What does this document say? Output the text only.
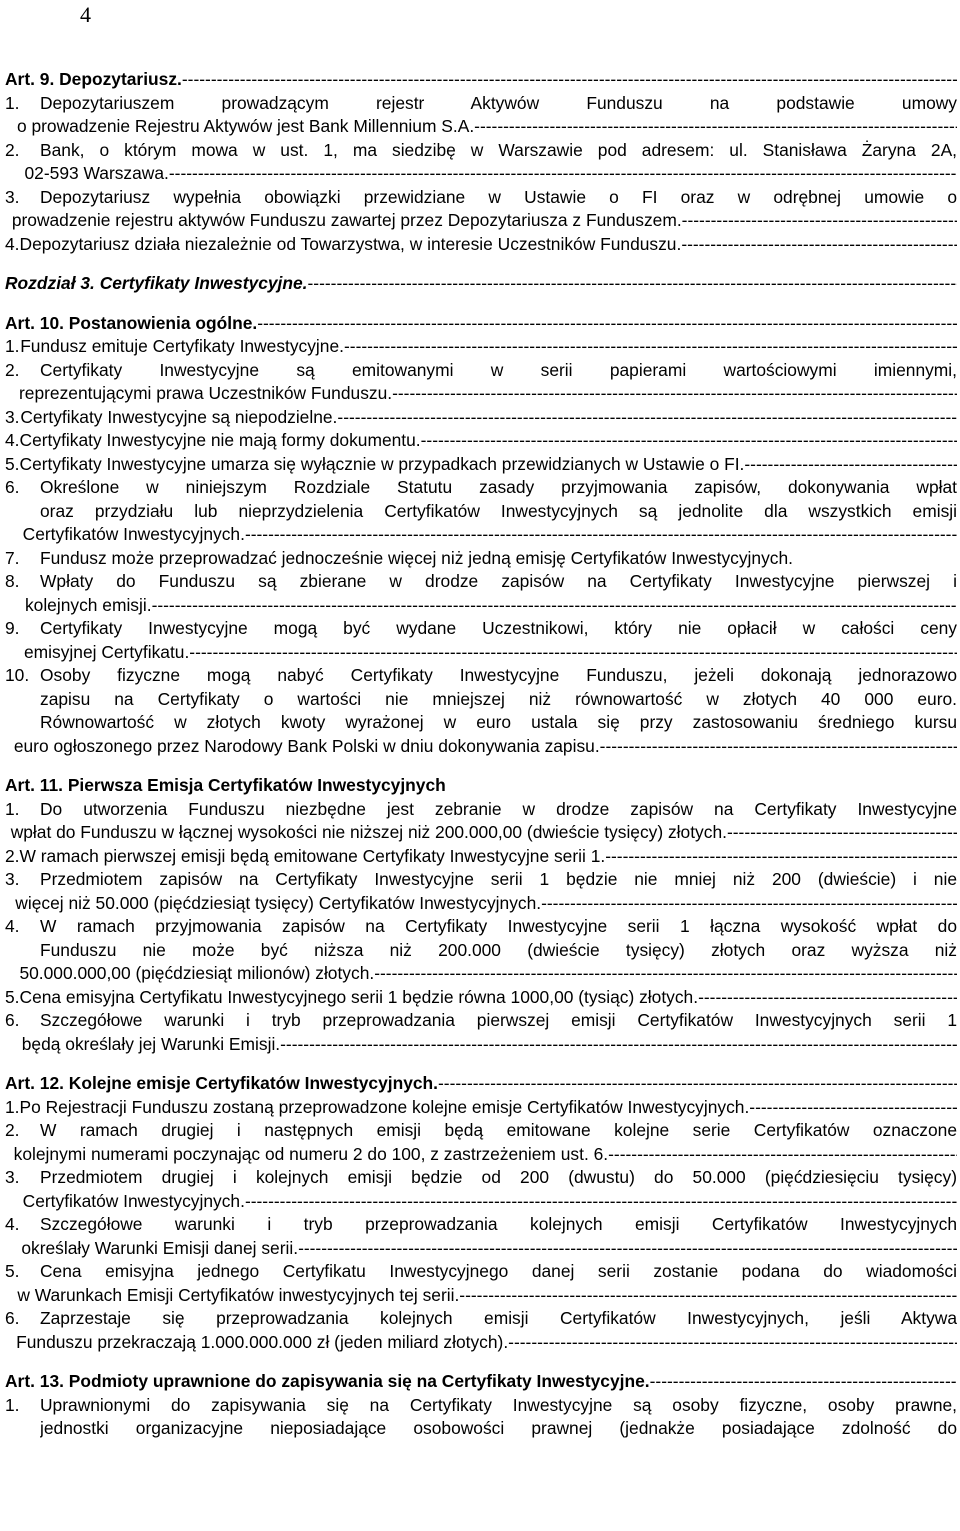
4
Art. 9. Depozytariusz.
-----
1.	Depozytariuszem prowadzącym rejestr Aktywów Funduszu na podstawie umowy
o prowadzenie Rejestru Aktywów jest Bank Millennium S.A.
-----
2.	Bank, o którym mowa w ust. 1, ma siedzibę w Warszawie pod adresem: ul. Stanisława Żaryna 2A,
02-593 Warszawa.
-----
3.	Depozytariusz wypełnia obowiązki przewidziane w Ustawie o FI oraz w odrębnej umowie o
prowadzenie rejestru aktywów Funduszu zawartej przez Depozytariusza z Funduszem.
-----
4. Depozytariusz działa niezależnie od Towarzystwa, w interesie Uczestników Funduszu.
-----
Rozdział 3. Certyfikaty Inwestycyjne.
-----
Art. 10. Postanowienia ogólne.
-----
1. Fundusz emituje Certyfikaty Inwestycyjne.
-----
2.	Certyfikaty Inwestycyjne są emitowanymi w serii papierami wartościowymi imiennymi,
reprezentującymi prawa Uczestników Funduszu.
-----
3. Certyfikaty Inwestycyjne są niepodzielne.
-----
4. Certyfikaty Inwestycyjne nie mają formy dokumentu.
-----
5. Certyfikaty Inwestycyjne umarza się wyłącznie w przypadkach przewidzianych w Ustawie o FI.
-----
6.	Określone w niniejszym Rozdziale Statutu zasady przyjmowania zapisów, dokonywania wpłat
oraz przydziału lub nieprzydzielenia Certyfikatów Inwestycyjnych są jednolite dla wszystkich emisji
Certyfikatów Inwestycyjnych.
-----
7.	Fundusz może przeprowadzać jednocześnie więcej niż jedną emisję Certyfikatów Inwestycyjnych.
8.	Wpłaty do Funduszu są zbierane w drodze zapisów na Certyfikaty Inwestycyjne pierwszej i
kolejnych emisji.
-----
9.	Certyfikaty Inwestycyjne mogą być wydane Uczestnikowi, który nie opłacił w całości ceny
emisyjnej Certyfikatu.
-----
10. Osoby fizyczne mogą nabyć Certyfikaty Inwestycyjne Funduszu, jeżeli dokonają jednorazowo
zapisu na Certyfikaty o wartości nie mniejszej niż równowartość w złotych 40 000 euro.
Równowartość w złotych kwoty wyrażonej w euro ustala się przy zastosowaniu średniego kursu
euro ogłoszonego przez Narodowy Bank Polski w dniu dokonywania zapisu.
-----
Art. 11. Pierwsza Emisja Certyfikatów Inwestycyjnych
1.	Do utworzenia Funduszu niezbędne jest zebranie w drodze zapisów na Certyfikaty Inwestycyjne
wpłat do Funduszu w łącznej wysokości nie niższej niż 200.000,00 (dwieście tysięcy) złotych.
-----
2. W ramach pierwszej emisji będą emitowane Certyfikaty Inwestycyjne serii 1.
-----
3.	Przedmiotem zapisów na Certyfikaty Inwestycyjne serii 1 będzie nie mniej niż 200 (dwieście) i nie
więcej niż 50.000 (pięćdziesiąt tysięcy) Certyfikatów Inwestycyjnych.
-----
4.	W ramach przyjmowania zapisów na Certyfikaty Inwestycyjne serii 1 łączna wysokość wpłat do
Funduszu nie może być niższa niż 200.000 (dwieście tysięcy) złotych oraz wyższa niż
50.000.000,00 (pięćdziesiąt milionów) złotych.
-----
5. Cena emisyjna Certyfikatu Inwestycyjnego serii 1 będzie równa 1000,00 (tysiąc) złotych.
-----
6.	Szczegółowe warunki i tryb przeprowadzania pierwszej emisji Certyfikatów Inwestycyjnych serii 1
będą określały jej Warunki Emisji.
-----
Art. 12. Kolejne emisje Certyfikatów Inwestycyjnych.
-----
1. Po Rejestracji Funduszu zostaną przeprowadzone kolejne emisje Certyfikatów Inwestycyjnych.
-----
2.	W ramach drugiej i następnych emisji będą emitowane kolejne serie Certyfikatów oznaczone
kolejnymi numerami poczynając od numeru 2 do 100, z zastrzeżeniem ust. 6.
-----
3.	Przedmiotem drugiej i kolejnych emisji będzie od 200 (dwustu) do 50.000 (pięćdziesięciu tysięcy)
Certyfikatów Inwestycyjnych.
-----
4.	Szczegółowe warunki i tryb przeprowadzania kolejnych emisji Certyfikatów Inwestycyjnych
określały Warunki Emisji danej serii.
-----
5.	Cena emisyjna jednego Certyfikatu Inwestycyjnego danej serii zostanie podana do wiadomości
w Warunkach Emisji Certyfikatów inwestycyjnych tej serii.
-----
6.	Zaprzestaje się przeprowadzania kolejnych emisji Certyfikatów Inwestycyjnych, jeśli Aktywa
Funduszu przekraczają 1.000.000.000 zł (jeden miliard złotych).
-----
Art. 13. Podmioty uprawnione do zapisywania się na Certyfikaty Inwestycyjne.
-----
1.	Uprawnionymi do zapisywania się na Certyfikaty Inwestycyjne są osoby fizyczne, osoby prawne,
jednostki organizacyjne nieposiadające osobowości prawnej (jednakże posiadające zdolność do
